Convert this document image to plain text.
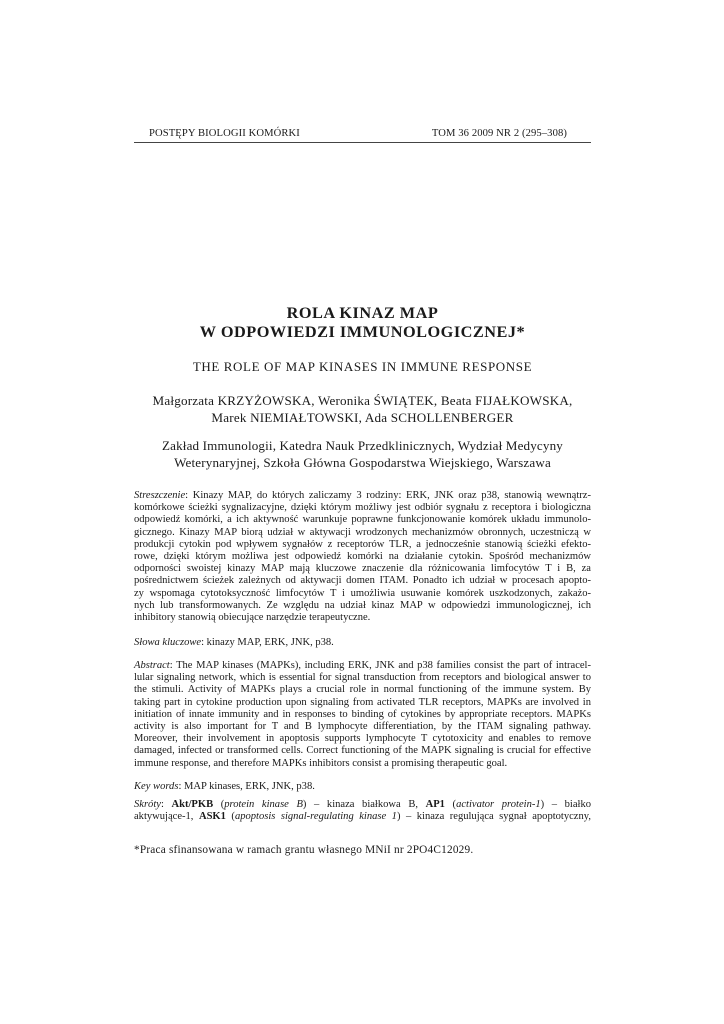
POSTĘPY BIOLOGII KOMÓRKI	TOM 36 2009 NR 2 (295–308)
ROLA KINAZ MAP
W ODPOWIEDZI IMMUNOLOGICZNEJ*
THE ROLE OF MAP KINASES IN IMMUNE RESPONSE
Małgorzata KRZYŻOWSKA, Weronika ŚWIĄTEK, Beata FIJAŁKOWSKA,
Marek NIEMIAŁTOWSKI, Ada SCHOLLENBERGER
Zakład Immunologii, Katedra Nauk Przedklinicznych, Wydział Medycyny
Weterynaryjnej, Szkoła Główna Gospodarstwa Wiejskiego, Warszawa
Streszczenie: Kinazy MAP, do których zaliczamy 3 rodziny: ERK, JNK oraz p38, stanowią wewnątrz-
komórkowe ścieżki sygnalizacyjne, dzięki którym możliwy jest odbiór sygnału z receptora i biologiczna
odpowiedź komórki, a ich aktywność warunkuje poprawne funkcjonowanie komórek układu immunolo-
gicznego. Kinazy MAP biorą udział w aktywacji wrodzonych mechanizmów obronnych, uczestniczą w
produkcji cytokin pod wpływem sygnałów z receptorów TLR, a jednocześnie stanowią ścieżki efekto-
rowe, dzięki którym możliwa jest odpowiedź komórki na działanie cytokin. Spośród mechanizmów
odporności swoistej kinazy MAP mają kluczowe znaczenie dla różnicowania limfocytów T i B, za
pośrednictwem ścieżek zależnych od aktywacji domen ITAM. Ponadto ich udział w procesach apopto-
zy wspomaga cytotoksyczność limfocytów T i umożliwia usuwanie komórek uszkodzonych, zakażo-
nych lub transformowanych. Ze względu na udział kinaz MAP w odpowiedzi immunologicznej, ich
inhibitory stanowią obiecujące narzędzie terapeutyczne.
Słowa kluczowe: kinazy MAP, ERK, JNK, p38.
Abstract: The MAP kinases (MAPKs), including ERK, JNK and p38 families consist the part of intracel-
lular signaling network, which is essential for signal transduction from receptors and biological answer to
the stimuli. Activity of MAPKs plays a crucial role in normal functioning of the immune system. By
taking part in cytokine production upon signaling from activated TLR receptors, MAPKs are involved in
initiation of innate immunity and in responses to binding of cytokines by appropriate receptors. MAPKs
activity is also important for T and B lymphocyte differentiation, by the ITAM signaling pathway.
Moreover, their involvement in apoptosis supports lymphocyte T cytotoxicity and enables to remove
damaged, infected or transformed cells. Correct functioning of the MAPK signaling is crucial for effective
immune response, and therefore MAPKs inhibitors consist a promising therapeutic goal.
Key words: MAP kinases, ERK, JNK, p38.
Skróty: Akt/PKB (protein kinase B) – kinaza białkowa B, AP1 (activator protein-1) – białko
aktywujące-1, ASK1 (apoptosis signal-regulating kinase 1) – kinaza regulująca sygnał apoptotyczny,
*Praca sfinansowana w ramach grantu własnego MNiI nr 2PO4C12029.
